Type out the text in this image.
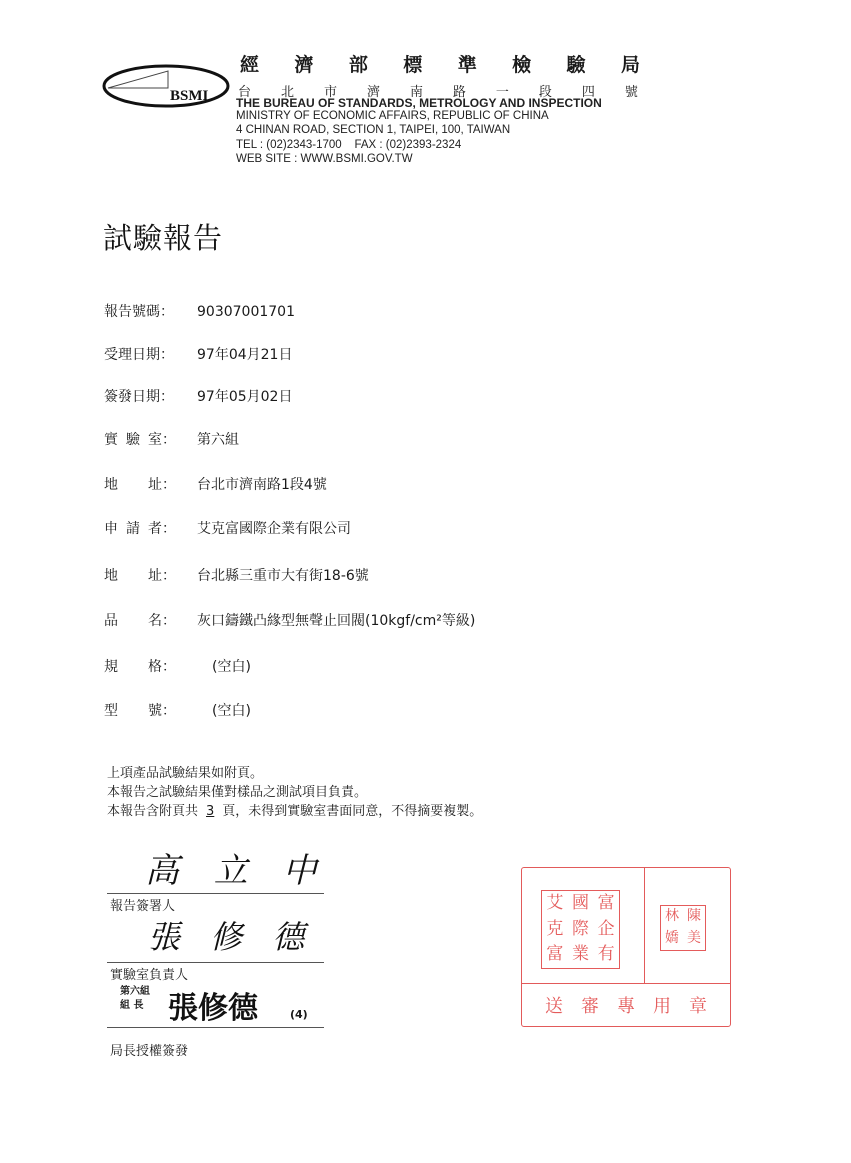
BSMI
經 濟 部 標 準 檢 驗 局
台 北 市 濟 南 路 一 段 四 號
THE BUREAU OF STANDARDS, METROLOGY AND INSPECTION
MINISTRY OF ECONOMIC AFFAIRS, REPUBLIC OF CHINA
4 CHINAN ROAD, SECTION 1, TAIPEI, 100, TAIWAN
TEL : (02)2343-1700    FAX : (02)2393-2324
WEB SITE : WWW.BSMI.GOV.TW
試驗報告
報告號碼：	90307001701
受理日期：	97年04月21日
簽發日期：	97年05月02日
實 驗 室： 第六組
地 址： 台北市濟南路1段4號
申 請 者： 艾克富國際企業有限公司
地 址： 台北縣三重市大有街18-6號
品 名： 灰口鑄鐵凸緣型無聲止回閥(10kgf/cm²等級)
規 格：	(空白)
型 號：	(空白)
上項產品試驗結果如附頁。
本報告之試驗結果僅對樣品之測試項目負責。
本報告含附頁共 3 頁，未得到實驗室書面同意，不得摘要複製。
高 立 中
報告簽署人
張 修 德
實驗室負責人
第六組
組 長 張修德	(4)
局長授權簽發
艾 國 富
克 際 企
富 業 有
林 陳
嬌 美
送 審 專 用 章
